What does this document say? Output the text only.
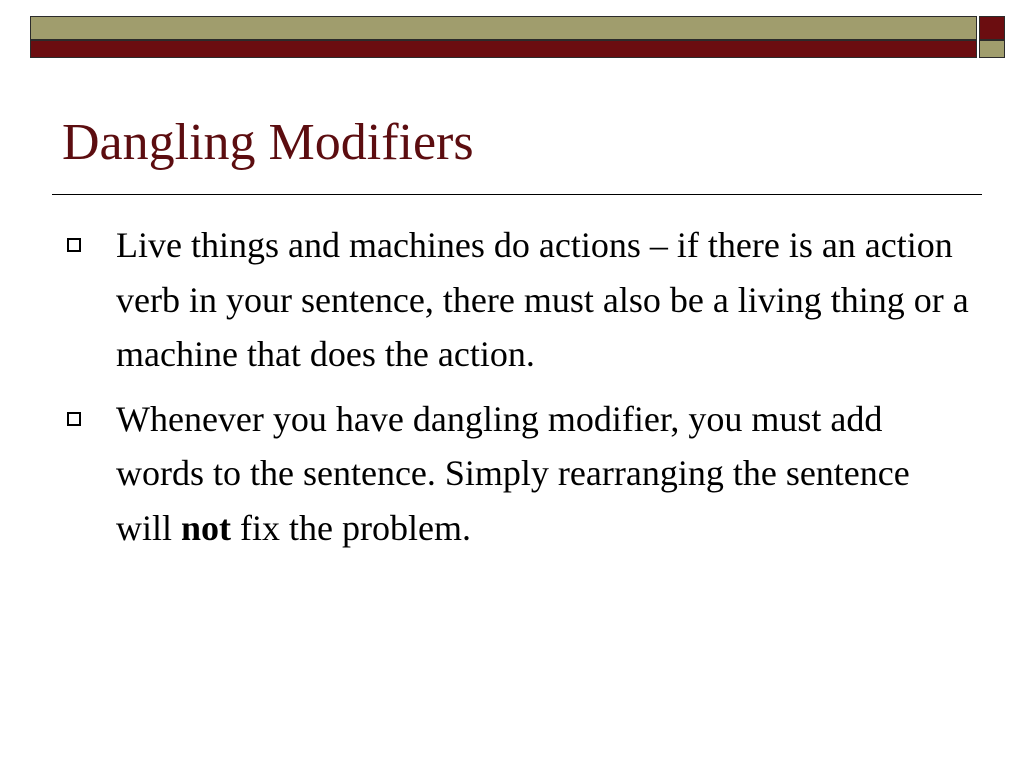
Dangling Modifiers
Live things and machines do actions – if there is an action verb in your sentence, there must also be a living thing or a machine that does the action.
Whenever you have dangling modifier, you must add words to the sentence. Simply rearranging the sentence will not fix the problem.
